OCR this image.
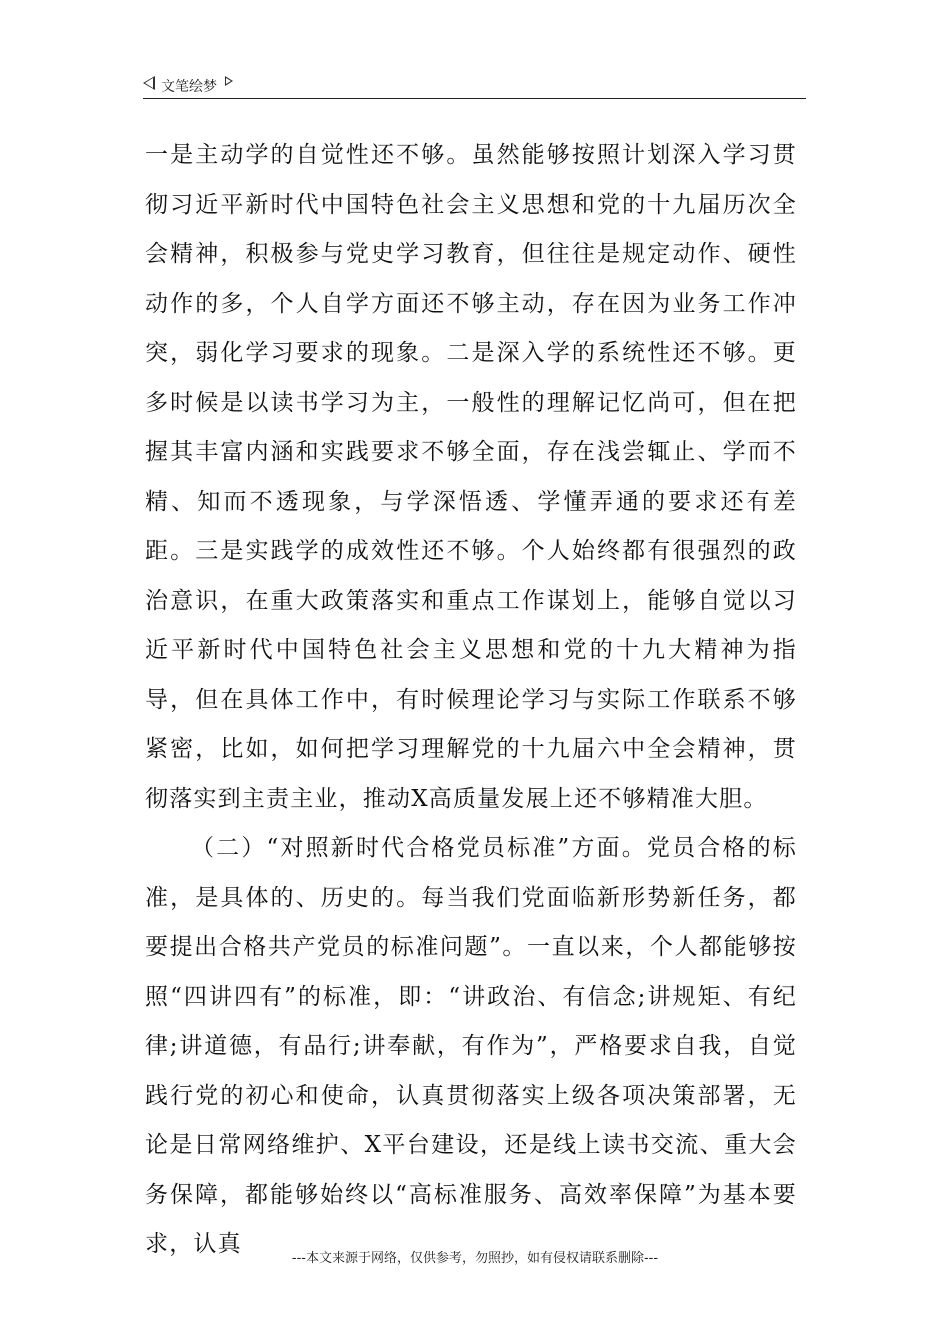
文笔绘梦

一是主动学的自觉性还不够。虽然能够按照计划深入学习贯彻习近平新时代中国特色社会主义思想和党的十九届历次全会精神，积极参与党史学习教育，但往往是规定动作、硬性动作的多，个人自学方面还不够主动，存在因为业务工作冲突，弱化学习要求的现象。二是深入学的系统性还不够。更多时候是以读书学习为主，一般性的理解记忆尚可，但在把握其丰富内涵和实践要求不够全面，存在浅尝辄止、学而不精、知而不透现象，与学深悟透、学懂弄通的要求还有差距。三是实践学的成效性还不够。个人始终都有很强烈的政治意识，在重大政策落实和重点工作谋划上，能够自觉以习近平新时代中国特色社会主义思想和党的十九大精神为指导，但在具体工作中，有时候理论学习与实际工作联系不够紧密，比如，如何把学习理解党的十九届六中全会精神，贯彻落实到主责主业，推动X高质量发展上还不够精准大胆。

（二）“对照新时代合格党员标准”方面。党员合格的标准，是具体的、历史的。每当我们党面临新形势新任务，都要提出合格共产党员的标准问题”。一直以来，个人都能够按照“四讲四有”的标准，即：“讲政治、有信念;讲规矩、有纪律;讲道德，有品行;讲奉献，有作为”，严格要求自我，自觉践行党的初心和使命，认真贯彻落实上级各项决策部署，无论是日常网络维护、X平台建设，还是线上读书交流、重大会务保障，都能够始终以“高标准服务、高效率保障”为基本要求，认真

---本文来源于网络，仅供参考，勿照抄，如有侵权请联系删除---
